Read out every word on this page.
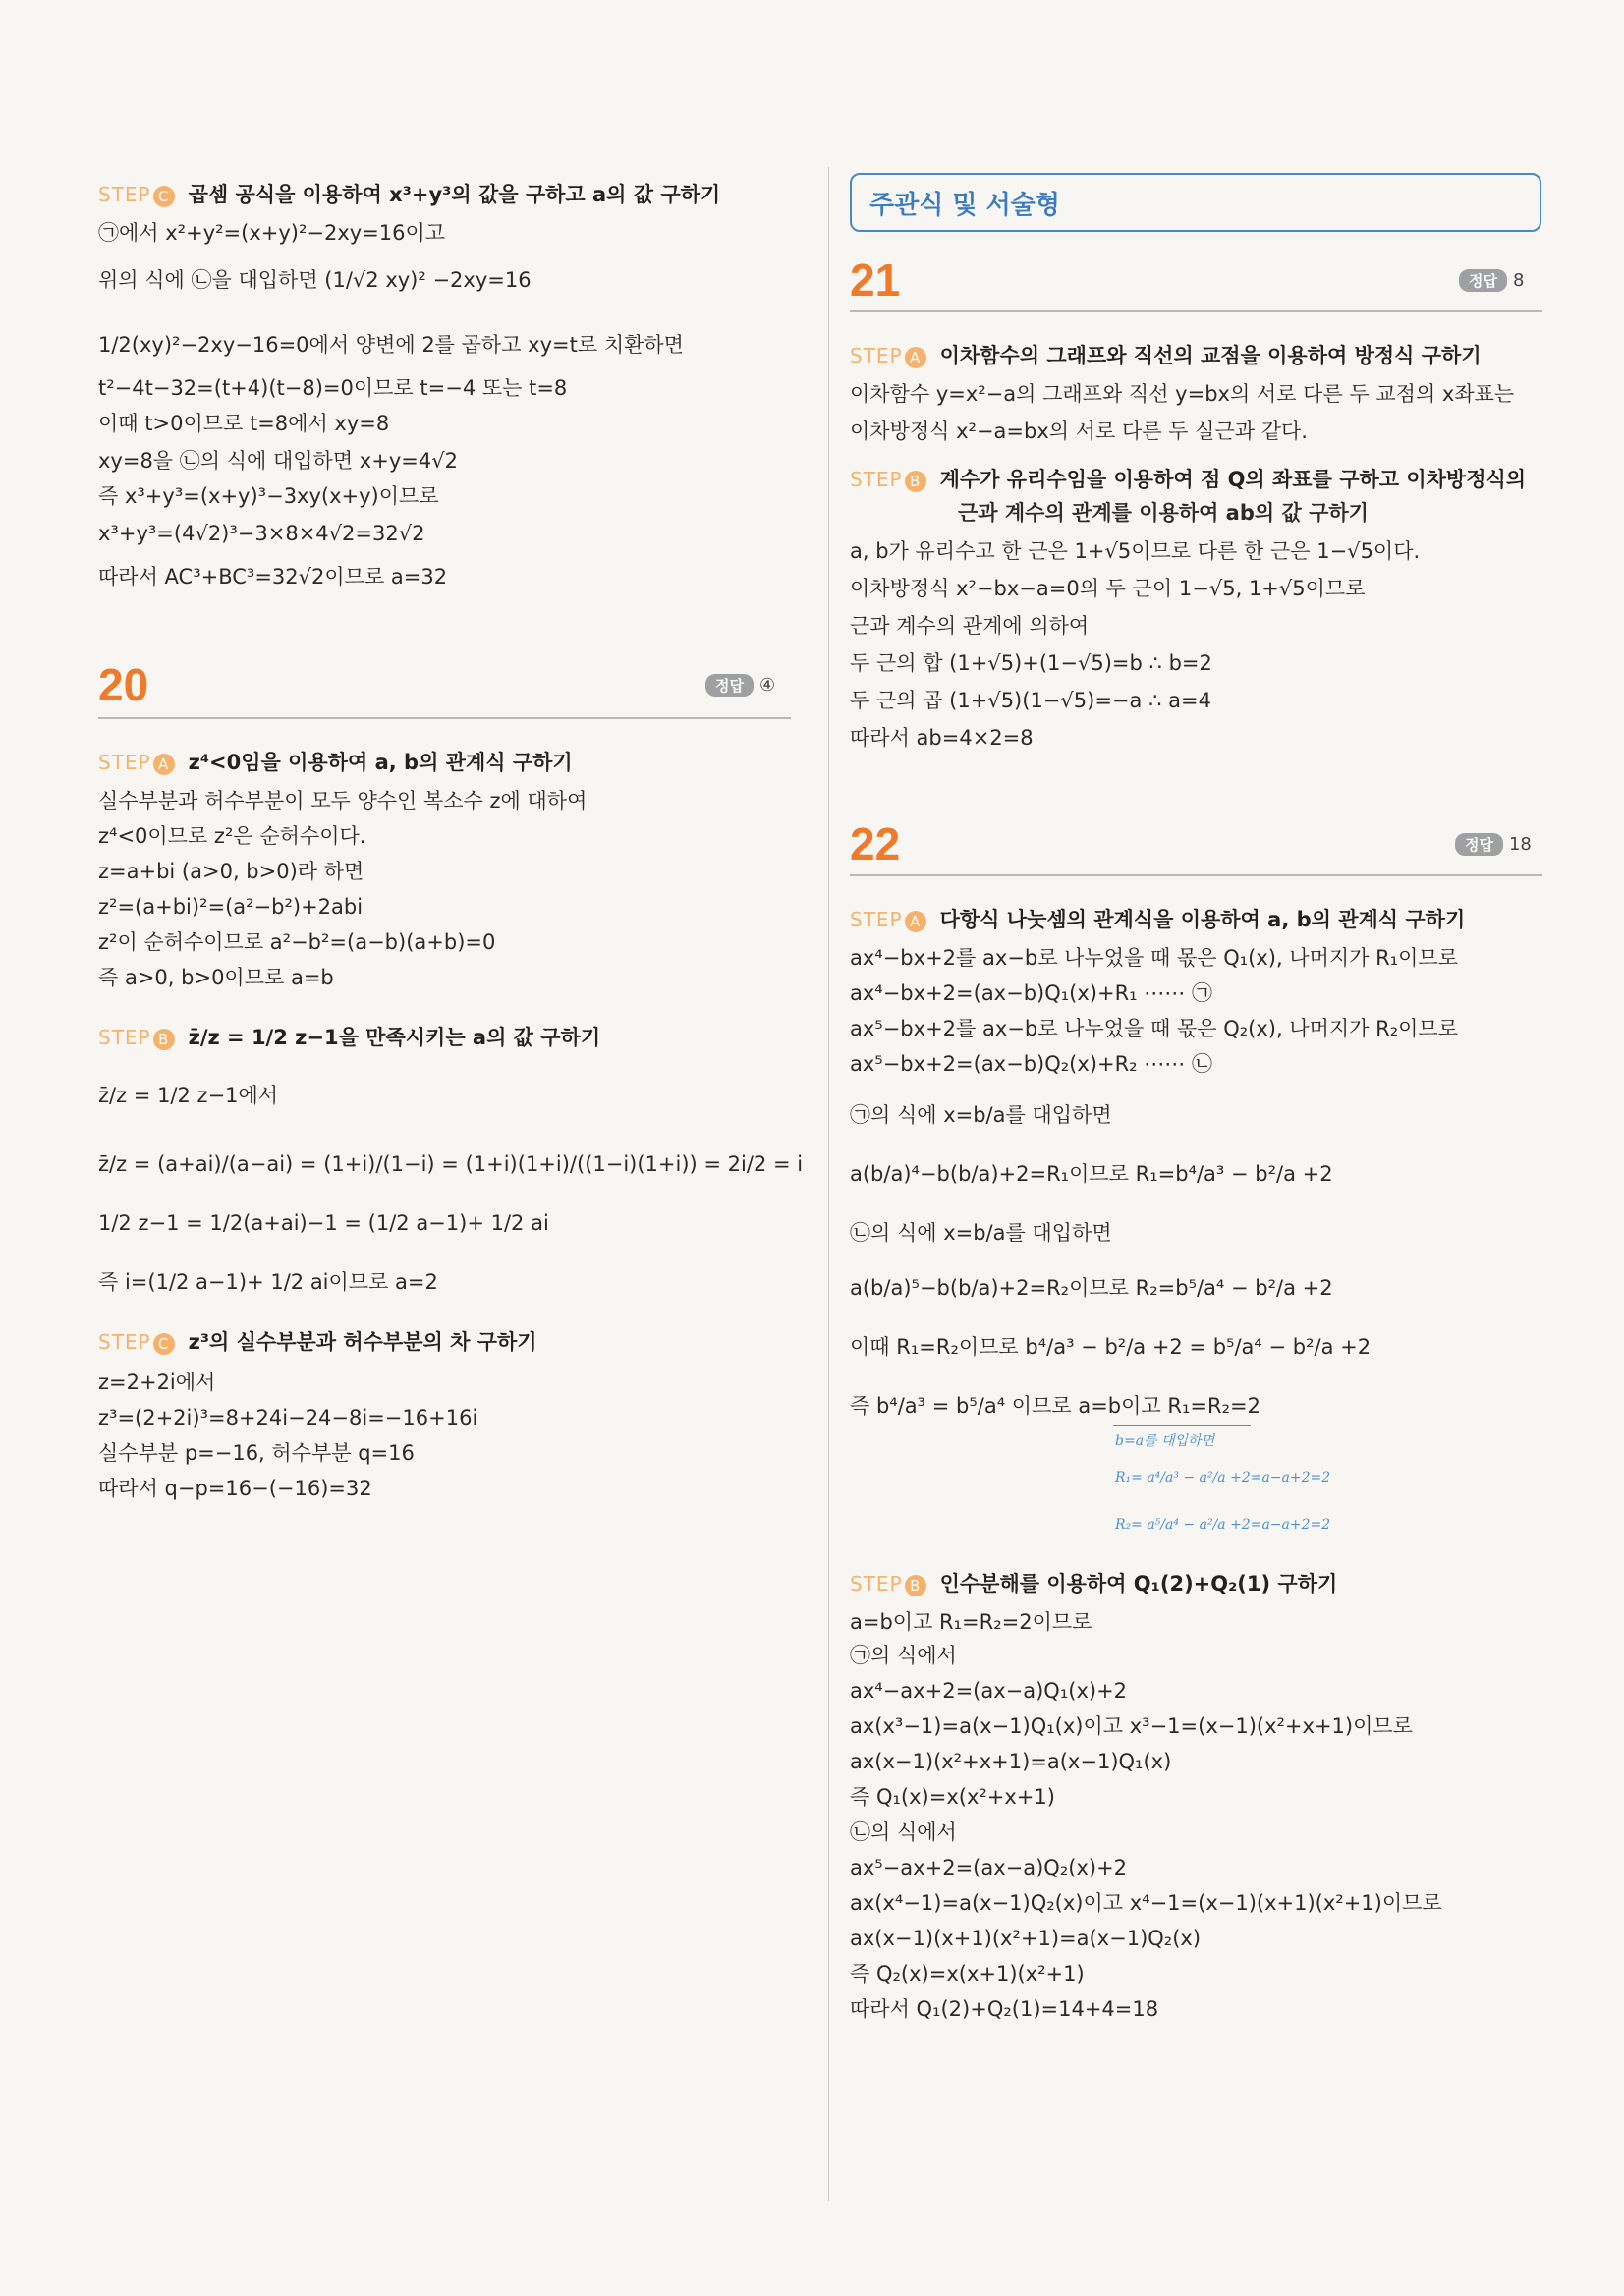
STEP C 곱셈 공식을 이용하여 x³+y³의 값을 구하고 a의 값 구하기
㉠에서 x²+y²=(x+y)²−2xy=16이고
위의 식에 ㉡을 대입하면 (1/√2 xy)² −2xy=16
1/2(xy)²−2xy−16=0에서 양변에 2를 곱하고 xy=t로 치환하면
t²−4t−32=(t+4)(t−8)=0이므로 t=−4 또는 t=8
이때 t>0이므로 t=8에서 xy=8
xy=8을 ㉡의 식에 대입하면 x+y=4√2
즉 x³+y³=(x+y)³−3xy(x+y)이므로
x³+y³=(4√2)³−3×8×4√2=32√2
따라서 AC³+BC³=32√2이므로 a=32
20	정답 ④
STEP A z⁴<0임을 이용하여 a, b의 관계식 구하기
실수부분과 허수부분이 모두 양수인 복소수 z에 대하여
z⁴<0이므로 z²은 순허수이다.
z=a+bi (a>0, b>0)라 하면
z²=(a+bi)²=(a²−b²)+2abi
z²이 순허수이므로 a²−b²=(a−b)(a+b)=0
즉 a>0, b>0이므로 a=b
STEP B z̄/z = 1/2 z−1을 만족시키는 a의 값 구하기
z̄/z = 1/2 z−1에서
z̄/z = (a+ai)/(a−ai) = (1+i)/(1−i) = (1+i)(1+i)/((1−i)(1+i)) = 2i/2 = i
1/2 z−1 = 1/2(a+ai)−1 = (1/2 a−1)+ 1/2 ai
즉 i=(1/2 a−1)+ 1/2 ai이므로 a=2
STEP C z³의 실수부분과 허수부분의 차 구하기
z=2+2i에서
z³=(2+2i)³=8+24i−24−8i=−16+16i
실수부분 p=−16, 허수부분 q=16
따라서 q−p=16−(−16)=32
주관식 및 서술형
21	정답 8
STEP A 이차함수의 그래프와 직선의 교점을 이용하여 방정식 구하기
이차함수 y=x²−a의 그래프와 직선 y=bx의 서로 다른 두 교점의 x좌표는
이차방정식 x²−a=bx의 서로 다른 두 실근과 같다.
STEP B 계수가 유리수임을 이용하여 점 Q의 좌표를 구하고 이차방정식의
근과 계수의 관계를 이용하여 ab의 값 구하기
a, b가 유리수고 한 근은 1+√5이므로 다른 한 근은 1−√5이다.
이차방정식 x²−bx−a=0의 두 근이 1−√5, 1+√5이므로
근과 계수의 관계에 의하여
두 근의 합 (1+√5)+(1−√5)=b ∴ b=2
두 근의 곱 (1+√5)(1−√5)=−a ∴ a=4
따라서 ab=4×2=8
22	정답 18
STEP A 다항식 나눗셈의 관계식을 이용하여 a, b의 관계식 구하기
ax⁴−bx+2를 ax−b로 나누었을 때 몫은 Q₁(x), 나머지가 R₁이므로
ax⁴−bx+2=(ax−b)Q₁(x)+R₁ ⋯⋯ ㉠
ax⁵−bx+2를 ax−b로 나누었을 때 몫은 Q₂(x), 나머지가 R₂이므로
ax⁵−bx+2=(ax−b)Q₂(x)+R₂ ⋯⋯ ㉡
㉠의 식에 x=b/a를 대입하면
a(b/a)⁴−b(b/a)+2=R₁이므로 R₁=b⁴/a³ − b²/a +2
㉡의 식에 x=b/a를 대입하면
a(b/a)⁵−b(b/a)+2=R₂이므로 R₂=b⁵/a⁴ − b²/a +2
이때 R₁=R₂이므로 b⁴/a³ − b²/a +2 = b⁵/a⁴ − b²/a +2
즉 b⁴/a³ = b⁵/a⁴ 이므로 a=b이고 R₁=R₂=2
b=a를 대입하면
R₁= a⁴/a³ − a²/a +2=a−a+2=2
R₂= a⁵/a⁴ − a²/a +2=a−a+2=2
STEP B 인수분해를 이용하여 Q₁(2)+Q₂(1) 구하기
a=b이고 R₁=R₂=2이므로
㉠의 식에서
ax⁴−ax+2=(ax−a)Q₁(x)+2
ax(x³−1)=a(x−1)Q₁(x)이고 x³−1=(x−1)(x²+x+1)이므로
ax(x−1)(x²+x+1)=a(x−1)Q₁(x)
즉 Q₁(x)=x(x²+x+1)
㉡의 식에서
ax⁵−ax+2=(ax−a)Q₂(x)+2
ax(x⁴−1)=a(x−1)Q₂(x)이고 x⁴−1=(x−1)(x+1)(x²+1)이므로
ax(x−1)(x+1)(x²+1)=a(x−1)Q₂(x)
즉 Q₂(x)=x(x+1)(x²+1)
따라서 Q₁(2)+Q₂(1)=14+4=18
